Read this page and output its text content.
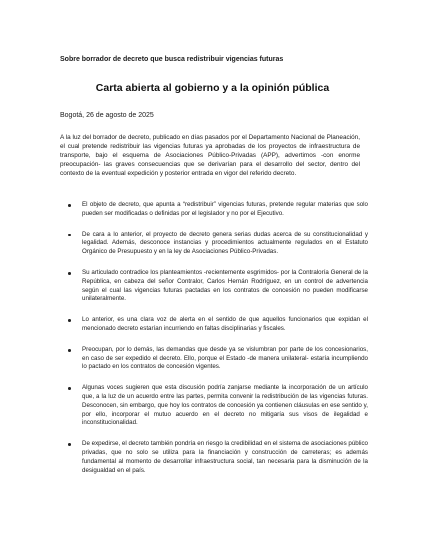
Sobre borrador de decreto que busca redistribuir vigencias futuras
Carta abierta al gobierno y a la opinión pública
Bogotá, 26 de agosto de 2025

A la luz del borrador de decreto, publicado en días pasados por el Departamento Nacional de Planeación, el cual pretende redistribuir las vigencias futuras ya aprobadas de los proyectos de infraestructura de transporte, bajo el esquema de Asociaciones Público-Privadas (APP), advertimos -con enorme preocupación- las graves consecuencias que se derivarían para el desarrollo del sector, dentro del contexto de la eventual expedición y posterior entrada en vigor del referido decreto.

El objeto de decreto, que apunta a “redistribuir” vigencias futuras, pretende regular materias que solo pueden ser modificadas o definidas por el legislador y no por el Ejecutivo.
De cara a lo anterior, el proyecto de decreto genera serias dudas acerca de su constitucionalidad y legalidad. Además, desconoce instancias y procedimientos actualmente regulados en el Estatuto Orgánico de Presupuesto y en la ley de Asociaciones Público-Privadas.
Su articulado contradice los planteamientos -recientemente esgrimidos- por la Contraloría General de la República, en cabeza del señor Contralor, Carlos Hernán Rodríguez, en un control de advertencia según el cual las vigencias futuras pactadas en los contratos de concesión no pueden modificarse unilateralmente.
Lo anterior, es una clara voz de alerta en el sentido de que aquellos funcionarios que expidan el mencionado decreto estarían incurriendo en faltas disciplinarias y fiscales.
Preocupan, por lo demás, las demandas que desde ya se vislumbran por parte de los concesionarios, en caso de ser expedido el decreto. Ello, porque el Estado -de manera unilateral- estaría incumpliendo lo pactado en los contratos de concesión vigentes.
Algunas voces sugieren que esta discusión podría zanjarse mediante la incorporación de un artículo que, a la luz de un acuerdo entre las partes, permita convenir la redistribución de las vigencias futuras. Desconocen, sin embargo, que hoy los contratos de concesión ya contienen cláusulas en ese sentido y, por ello, incorporar el mutuo acuerdo en el decreto no mitigaría sus visos de ilegalidad e inconstitucionalidad.
De expedirse, el decreto también pondría en riesgo la credibilidad en el sistema de asociaciones público privadas, que no solo se utiliza para la financiación y construcción de carreteras; es además fundamental al momento de desarrollar infraestructura social, tan necesaria para la disminución de la desigualdad en el país.
